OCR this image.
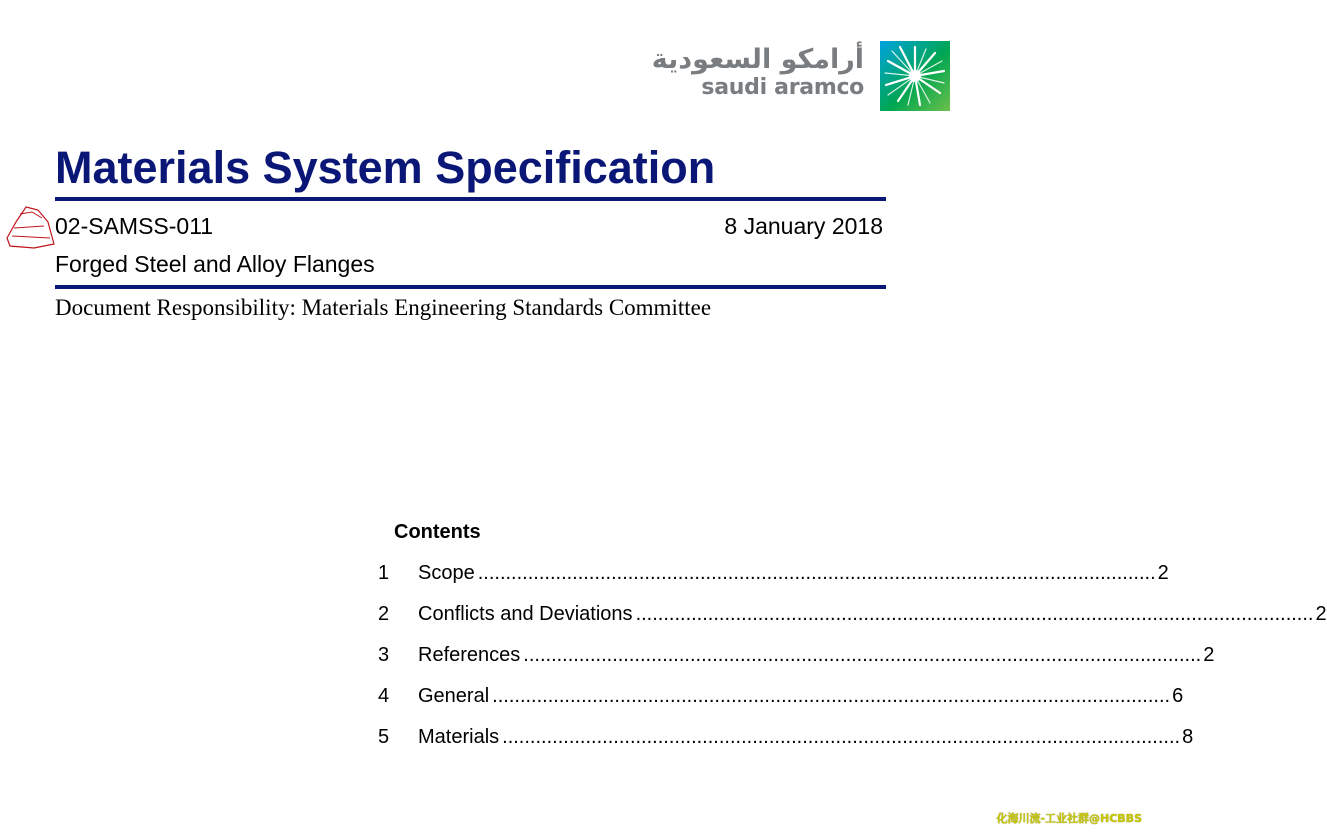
أرامكو السعودية
saudi aramco
Materials System Specification
02-SAMSS-011	8 January 2018
Forged Steel and Alloy Flanges
Document Responsibility: Materials Engineering Standards Committee
Contents
1	Scope .......................................................................................................................... 2
2	Conflicts and Deviations .......................................................................................................................... 2
3	References .......................................................................................................................... 2
4	General .......................................................................................................................... 6
5	Materials .......................................................................................................................... 8
化海川流-工业社群@HCBBS
